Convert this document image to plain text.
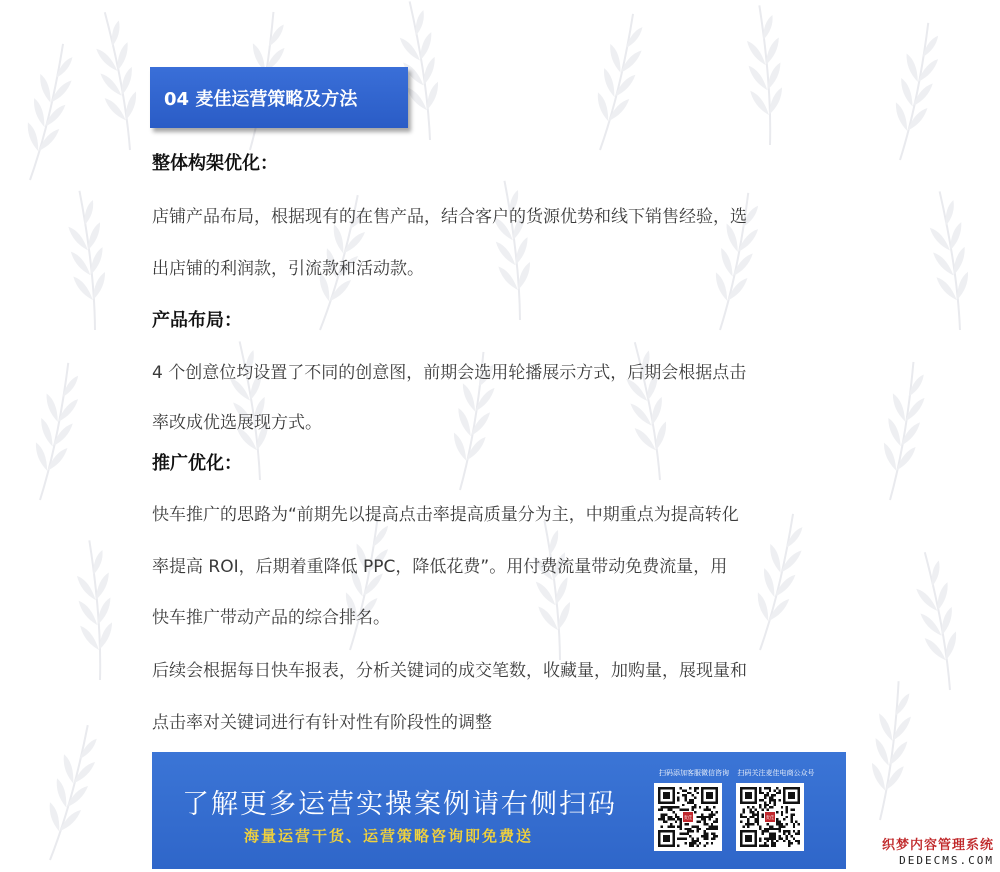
04 麦佳运营策略及方法
整体构架优化：
店铺产品布局，根据现有的在售产品，结合客户的货源优势和线下销售经验，选
出店铺的利润款，引流款和活动款。
产品布局：
4 个创意位均设置了不同的创意图，前期会选用轮播展示方式，后期会根据点击
率改成优选展现方式。
推广优化：
快车推广的思路为“前期先以提高点击率提高质量分为主，中期重点为提高转化
率提高 ROI，后期着重降低 PPC，降低花费”。用付费流量带动免费流量，用
快车推广带动产品的综合排名。
后续会根据每日快车报表，分析关键词的成交笔数，收藏量，加购量，展现量和
点击率对关键词进行有针对性有阶段性的调整
了解更多运营实操案例请右侧扫码
海量运营干货、运营策略咨询即免费送
扫码添加客服微信咨询
麦佳
扫码关注麦佳电商公众号
麦佳
织梦内容管理系统
DEDECMS.COM
